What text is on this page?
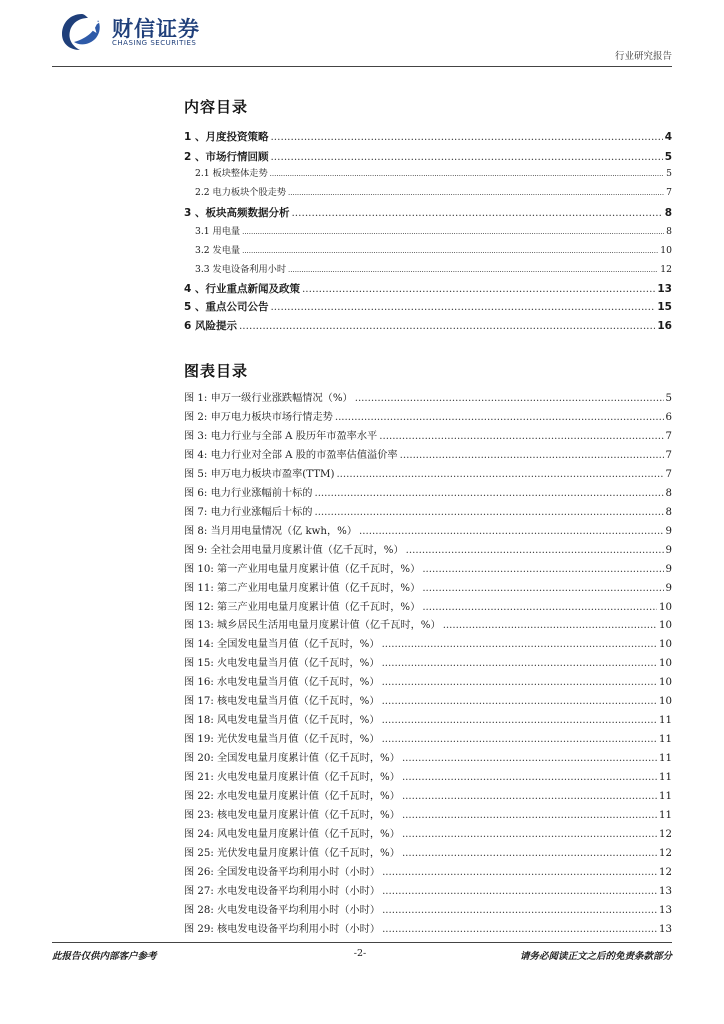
财信证券
CHASING SECURITIES
行业研究报告
内容目录
1 、月度投资策略 .....	4
2 、市场行情回顾 .....	5
2.1 板块整体走势 .....	5
2.2 电力板块个股走势 .....	7
3 、板块高频数据分析 .....	8
3.1 用电量 .....	8
3.2 发电量 .....	10
3.3 发电设备利用小时 .....	12
4 、行业重点新闻及政策 .....	13
5 、重点公司公告 .....	15
6 风险提示 .....	16
图表目录
图 1: 申万一级行业涨跌幅情况（%） .....	5
图 2: 申万电力板块市场行情走势 .....	6
图 3: 电力行业与全部 A 股历年市盈率水平 .....	7
图 4: 电力行业对全部 A 股的市盈率估值溢价率 .....	7
图 5: 申万电力板块市盈率(TTM) .....	7
图 6: 电力行业涨幅前十标的 .....	8
图 7: 电力行业涨幅后十标的 .....	8
图 8: 当月用电量情况（亿 kwh，%） .....	9
图 9: 全社会用电量月度累计值（亿千瓦时，%） .....	9
图 10: 第一产业用电量月度累计值（亿千瓦时，%） .....	9
图 11: 第二产业用电量月度累计值（亿千瓦时，%） .....	9
图 12: 第三产业用电量月度累计值（亿千瓦时，%） .....	10
图 13: 城乡居民生活用电量月度累计值（亿千瓦时，%） .....	10
图 14: 全国发电量当月值（亿千瓦时，%） .....	10
图 15: 火电发电量当月值（亿千瓦时，%） .....	10
图 16: 水电发电量当月值（亿千瓦时，%） .....	10
图 17: 核电发电量当月值（亿千瓦时，%） .....	10
图 18: 风电发电量当月值（亿千瓦时，%） .....	11
图 19: 光伏发电量当月值（亿千瓦时，%） .....	11
图 20: 全国发电量月度累计值（亿千瓦时，%） .....	11
图 21: 火电发电量月度累计值（亿千瓦时，%） .....	11
图 22: 水电发电量月度累计值（亿千瓦时，%） .....	11
图 23: 核电发电量月度累计值（亿千瓦时，%） .....	11
图 24: 风电发电量月度累计值（亿千瓦时，%） .....	12
图 25: 光伏发电量月度累计值（亿千瓦时，%） .....	12
图 26: 全国发电设备平均利用小时（小时） .....	12
图 27: 水电发电设备平均利用小时（小时） .....	13
图 28: 火电发电设备平均利用小时（小时） .....	13
图 29: 核电发电设备平均利用小时（小时） .....	13
此报告仅供内部客户参考	-2-	请务必阅读正文之后的免责条款部分
